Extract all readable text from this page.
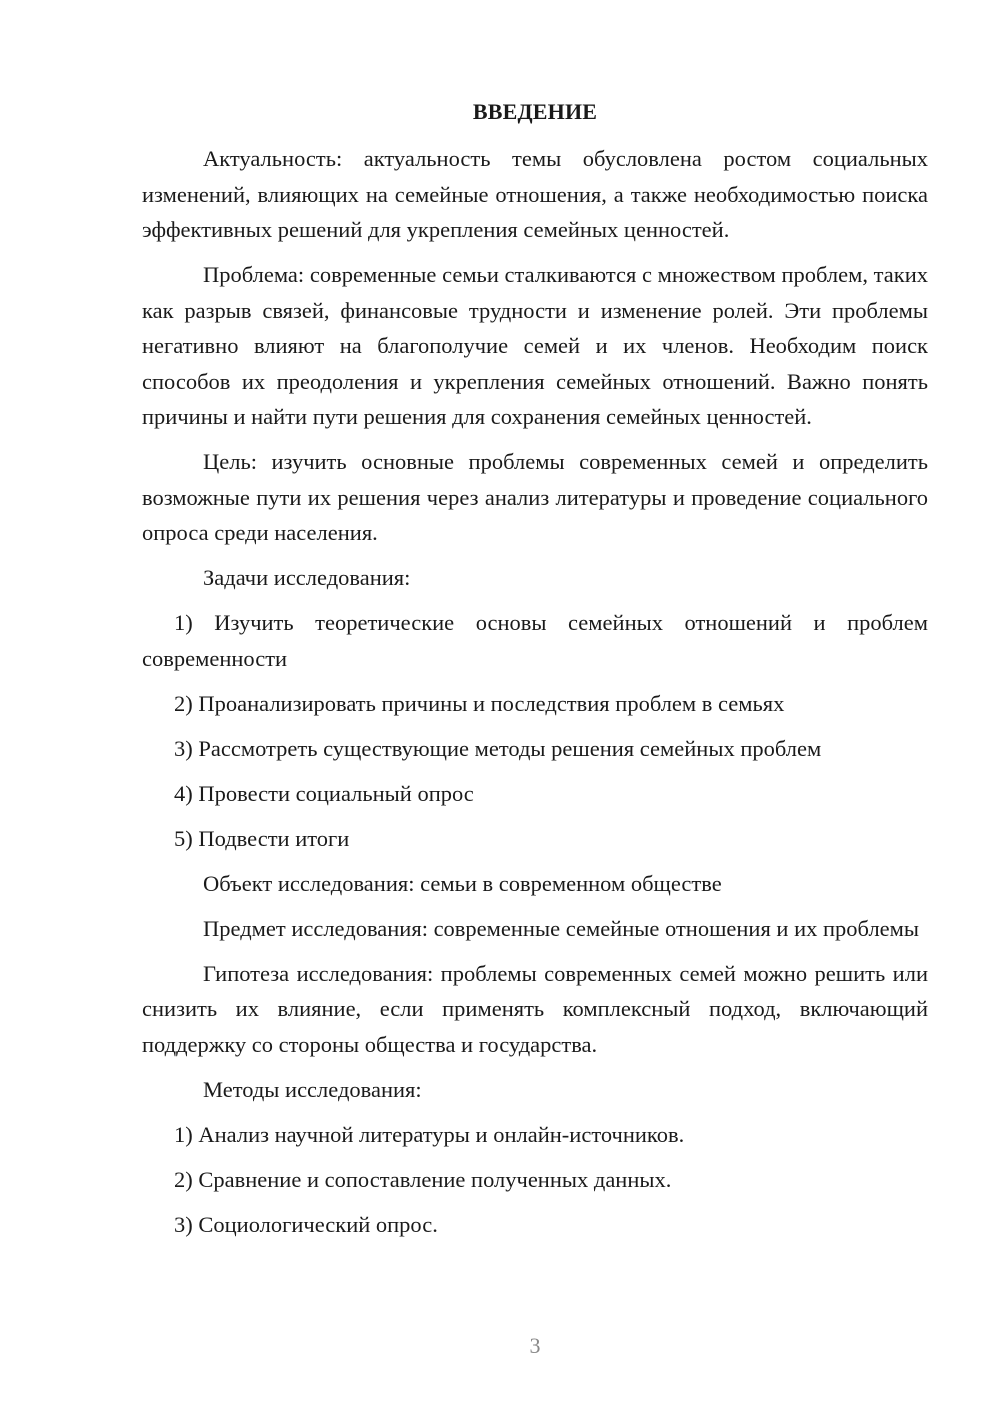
ВВЕДЕНИЕ

Актуальность: актуальность темы обусловлена ростом социальных изменений, влияющих на семейные отношения, а также необходимостью поиска эффективных решений для укрепления семейных ценностей.

Проблема: современные семьи сталкиваются с множеством проблем, таких как разрыв связей, финансовые трудности и изменение ролей. Эти проблемы негативно влияют на благополучие семей и их членов. Необходим поиск способов их преодоления и укрепления семейных отношений. Важно понять причины и найти пути решения для сохранения семейных ценностей.

Цель: изучить основные проблемы современных семей и определить возможные пути их решения через анализ литературы и проведение социального опроса среди населения.

Задачи исследования:

1) Изучить теоретические основы семейных отношений и проблем современности

2) Проанализировать причины и последствия проблем в семьях

3) Рассмотреть существующие методы решения семейных проблем

4) Провести социальный опрос

5) Подвести итоги

Объект исследования: семьи в современном обществе

Предмет исследования: современные семейные отношения и их проблемы

Гипотеза исследования: проблемы современных семей можно решить или снизить их влияние, если применять комплексный подход, включающий поддержку со стороны общества и государства.

Методы исследования:

1) Анализ научной литературы и онлайн-источников.

2) Сравнение и сопоставление полученных данных.

3) Социологический опрос.

3
